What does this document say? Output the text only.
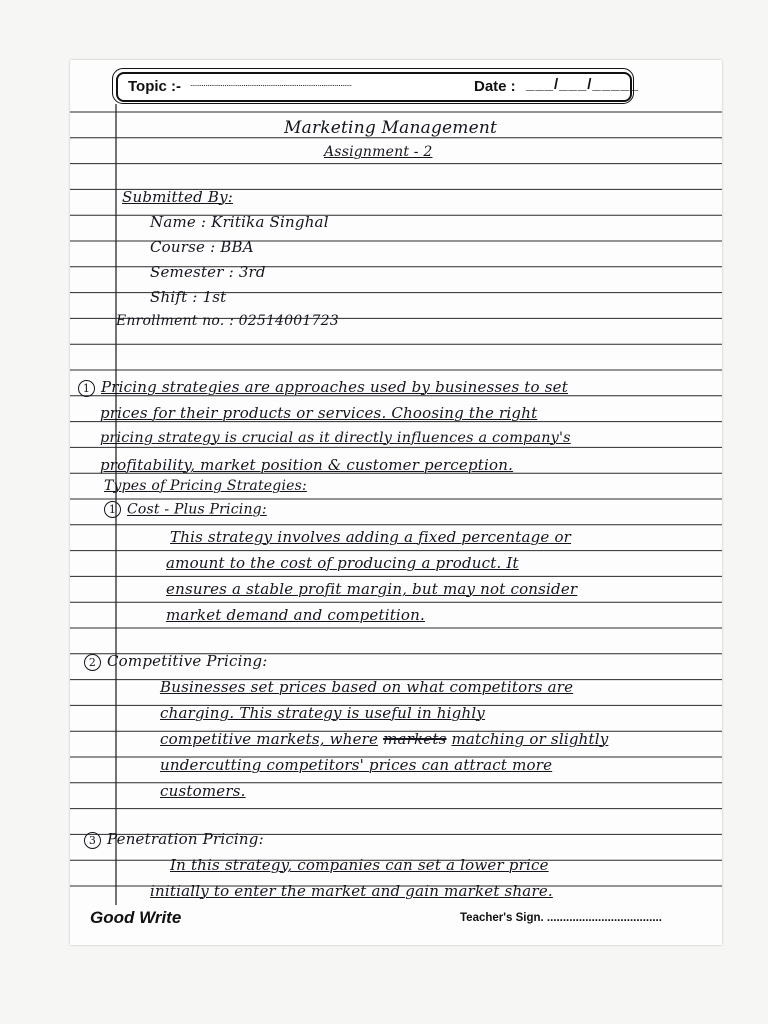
Topic :- .....................................................................................	Date : ___/___/_____
Marketing Management
Assignment - 2
Submitted By:
Name : Kritika Singhal
Course : BBA
Semester : 3rd
Shift : 1st
Enrollment no. : 02514001723
1 Pricing strategies are approaches used by businesses to set
prices for their products or services. Choosing the right
pricing strategy is crucial as it directly influences a company's
profitability, market position & customer perception.
Types of Pricing Strategies:
1 Cost - Plus Pricing:
This strategy involves adding a fixed percentage or
amount to the cost of producing a product. It
ensures a stable profit margin, but may not consider
market demand and competition.
2 Competitive Pricing:
Businesses set prices based on what competitors are
charging. This strategy is useful in highly
competitive markets, where markets matching or slightly
undercutting competitors' prices can attract more
customers.
3 Penetration Pricing:
In this strategy, companies can set a lower price
initially to enter the market and gain market share.
Good Write	Teacher's Sign. ....................................
